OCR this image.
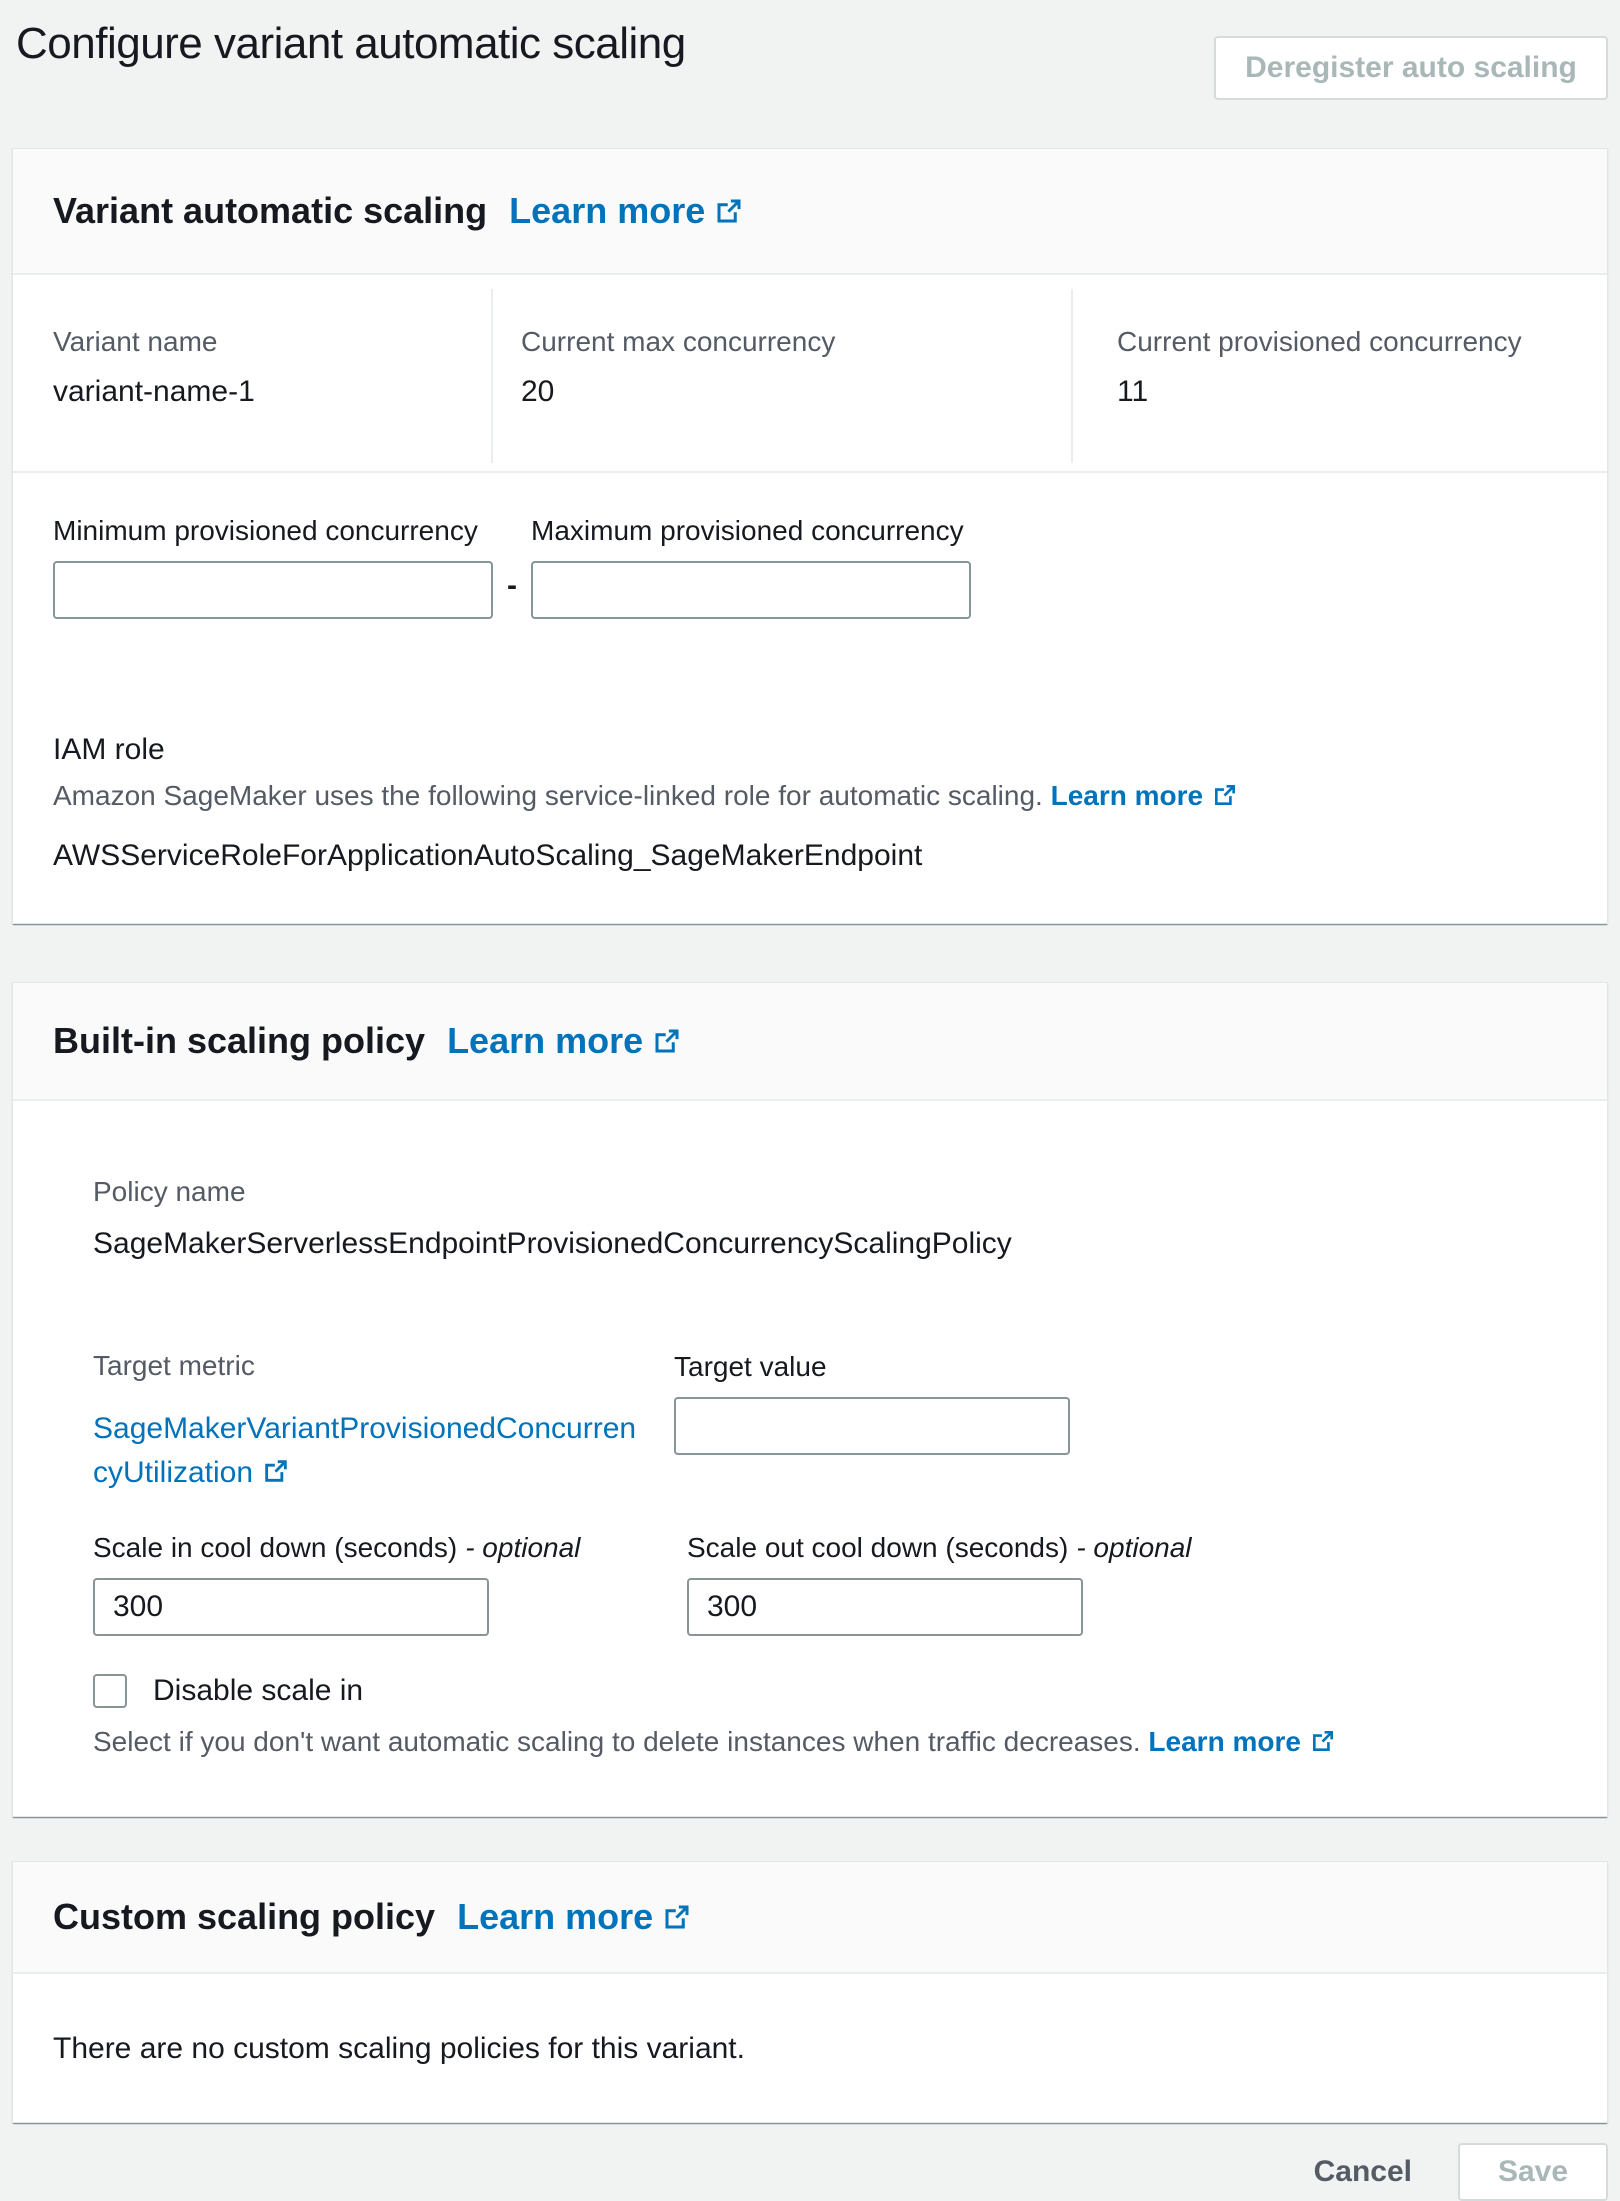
Configure variant automatic scaling	Deregister auto scaling
Variant automatic scaling Learn more
Variant name
variant-name-1
Current max concurrency
20
Current provisioned concurrency
11
Minimum provisioned concurrency
-
Maximum provisioned concurrency
IAM role

Amazon SageMaker uses the following service-linked role for automatic scaling. Learn more

AWSServiceRoleForApplicationAutoScaling_SageMakerEndpoint
Built-in scaling policy Learn more
Policy name
SageMakerServerlessEndpointProvisionedConcurrencyScalingPolicy
Target metric
SageMakerVariantProvisionedConcurren
cyUtilization
Target value
Scale in cool down (seconds) - optional
300	Scale out cool down (seconds) - optional
300
Disable scale in

Select if you don't want automatic scaling to delete instances when traffic decreases. Learn more

Custom scaling policy Learn more

There are no custom scaling policies for this variant.

Cancel	Save
